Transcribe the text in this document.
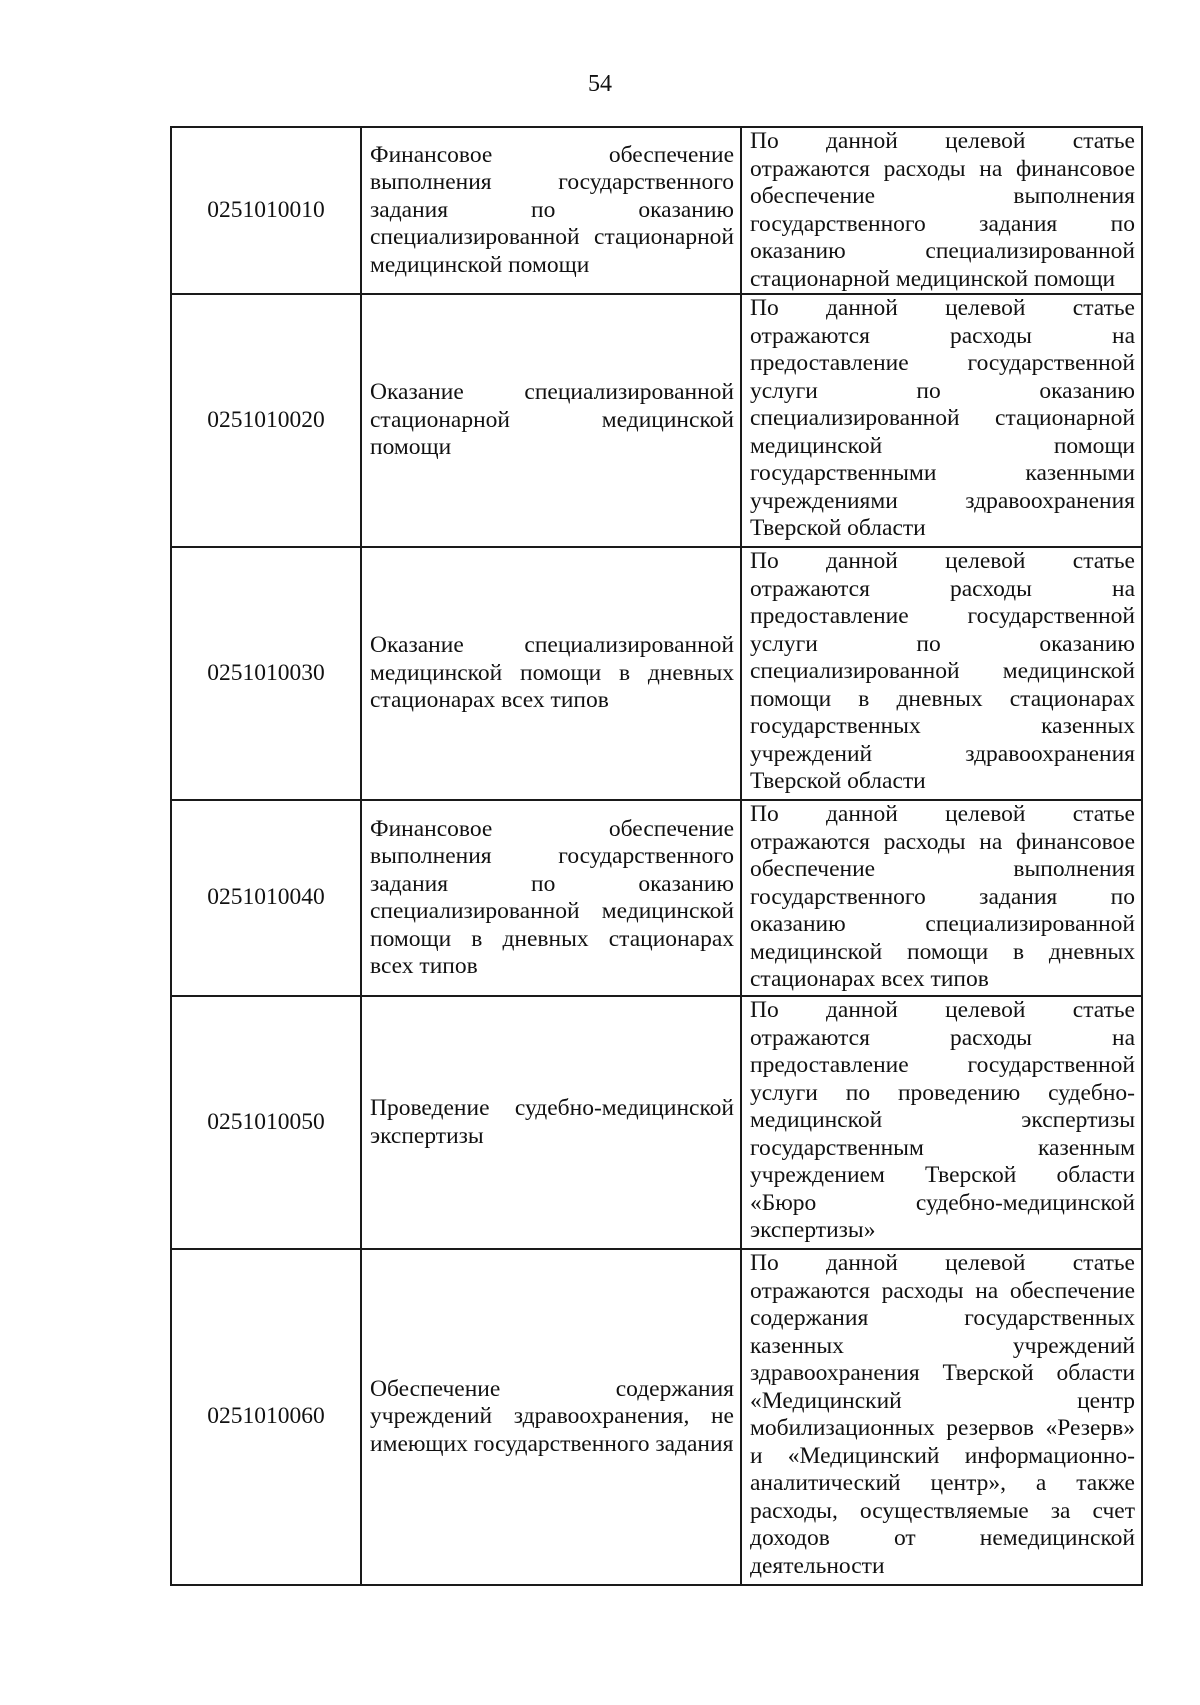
54
0251010010	Финансовое обеспечение выполнения государственного задания по оказанию специализированной стационарной медицинской помощи	По данной целевой статье отражаются расходы на финансовое обеспечение выполнения государственного задания по оказанию специализированной стационарной медицинской помощи
0251010020	Оказание специализированной стационарной медицинской помощи	По данной целевой статье отражаются расходы на предоставление государственной услуги по оказанию специализированной стационарной медицинской помощи государственными казенными учреждениями здравоохранения Тверской области
0251010030	Оказание специализированной медицинской помощи в дневных стационарах всех типов	По данной целевой статье отражаются расходы на предоставление государственной услуги по оказанию специализированной медицинской помощи в дневных стационарах государственных казенных учреждений здравоохранения Тверской области
0251010040	Финансовое обеспечение выполнения государственного задания по оказанию специализированной медицинской помощи в дневных стационарах всех типов	По данной целевой статье отражаются расходы на финансовое обеспечение выполнения государственного задания по оказанию специализированной медицинской помощи в дневных стационарах всех типов
0251010050	Проведение судебно-медицинской экспертизы	По данной целевой статье отражаются расходы на предоставление государственной услуги по проведению судебно-медицинской экспертизы государственным казенным учреждением Тверской области «Бюро судебно-медицинской экспертизы»
0251010060	Обеспечение содержания учреждений здравоохранения, не имеющих государственного задания	По данной целевой статье отражаются расходы на обеспечение содержания государственных казенных учреждений здравоохранения Тверской области «Медицинский центр мобилизационных резервов «Резерв» и «Медицинский информационно-аналитический центр», а также расходы, осуществляемые за счет доходов от немедицинской деятельности
